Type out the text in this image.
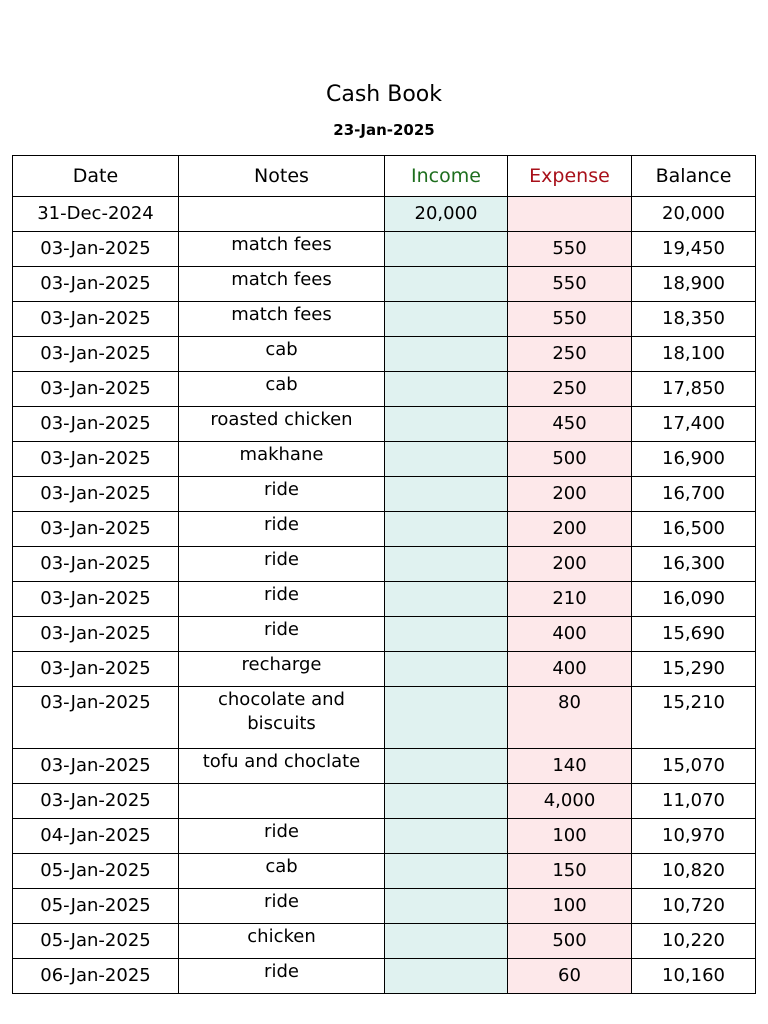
Cash Book
23-Jan-2025
Date	Notes	Income	Expense	Balance
31-Dec-2024		20,000		20,000
03-Jan-2025	match fees		550	19,450
03-Jan-2025	match fees		550	18,900
03-Jan-2025	match fees		550	18,350
03-Jan-2025	cab		250	18,100
03-Jan-2025	cab		250	17,850
03-Jan-2025	roasted chicken		450	17,400
03-Jan-2025	makhane		500	16,900
03-Jan-2025	ride		200	16,700
03-Jan-2025	ride		200	16,500
03-Jan-2025	ride		200	16,300
03-Jan-2025	ride		210	16,090
03-Jan-2025	ride		400	15,690
03-Jan-2025	recharge		400	15,290
03-Jan-2025	chocolate and biscuits		80	15,210
03-Jan-2025	tofu and choclate		140	15,070
03-Jan-2025			4,000	11,070
04-Jan-2025	ride		100	10,970
05-Jan-2025	cab		150	10,820
05-Jan-2025	ride		100	10,720
05-Jan-2025	chicken		500	10,220
06-Jan-2025	ride		60	10,160
